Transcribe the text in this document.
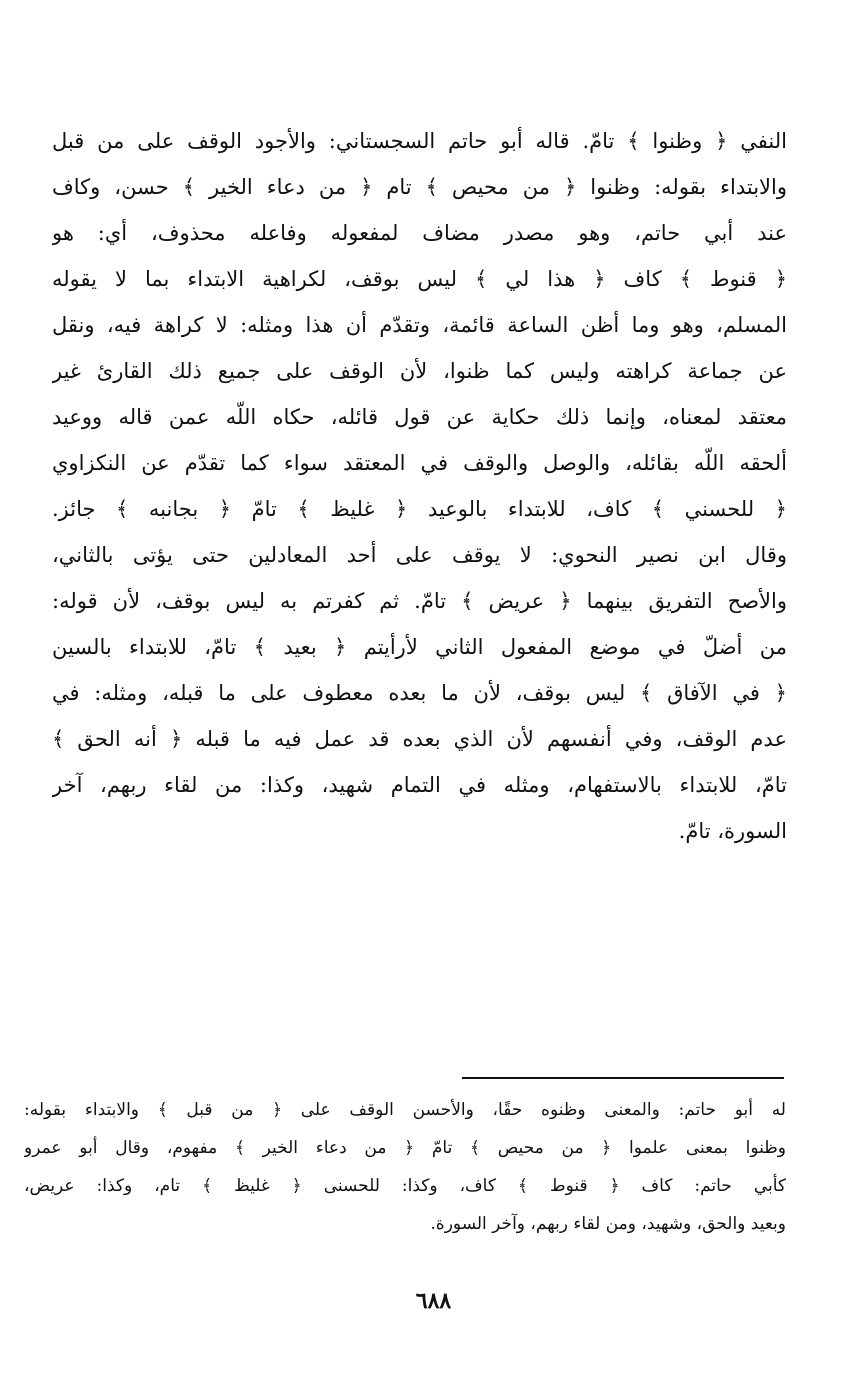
النفي ﴿ وظنوا ﴾ تامّ. قاله أبو حاتم السجستاني: والأجود الوقف على من قبل
والابتداء بقوله: وظنوا ﴿ من محيص ﴾ تام ﴿ من دعاء الخير ﴾ حسن، وكاف
عند أبي حاتم، وهو مصدر مضاف لمفعوله وفاعله محذوف، أي: هو
﴿ قنوط ﴾ كاف ﴿ هذا لي ﴾ ليس بوقف، لكراهية الابتداء بما لا يقوله
المسلم، وهو وما أظن الساعة قائمة، وتقدّم أن هذا ومثله: لا كراهة فيه، ونقل
عن جماعة كراهته وليس كما ظنوا، لأن الوقف على جميع ذلك القارئ غير
معتقد لمعناه، وإنما ذلك حكاية عن قول قائله، حكاه اللّه عمن قاله ووعيد
ألحقه اللّه بقائله، والوصل والوقف في المعتقد سواء كما تقدّم عن النكزاوي
﴿ للحسني ﴾ كاف، للابتداء بالوعيد ﴿ غليظ ﴾ تامّ ﴿ بجانبه ﴾ جائز.
وقال ابن نصير النحوي: لا يوقف على أحد المعادلين حتى يؤتى بالثاني،
والأصح التفريق بينهما ﴿ عريض ﴾ تامّ. ثم كفرتم به ليس بوقف، لأن قوله:
من أضلّ في موضع المفعول الثاني لأرأيتم ﴿ بعيد ﴾ تامّ، للابتداء بالسين
﴿ في الآفاق ﴾ ليس بوقف، لأن ما بعده معطوف على ما قبله، ومثله: في
عدم الوقف، وفي أنفسهم لأن الذي بعده قد عمل فيه ما قبله ﴿ أنه الحق ﴾
تامّ، للابتداء بالاستفهام، ومثله في التمام شهيد، وكذا: من لقاء ربهم، آخر
السورة، تامّ.
له أبو حاتم: والمعنى وظنوه حقًا، والأحسن الوقف على ﴿ من قبل ﴾ والابتداء بقوله:
وظنوا بمعنى علموا ﴿ من محيص ﴾ تامّ ﴿ من دعاء الخير ﴾ مفهوم، وقال أبو عمرو
كأبي حاتم: كاف ﴿ قنوط ﴾ كاف، وكذا: للحسنى ﴿ غليظ ﴾ تام، وكذا: عريض،
وبعيد والحق، وشهيد، ومن لقاء ربهم، وآخر السورة.
٦٨٨
